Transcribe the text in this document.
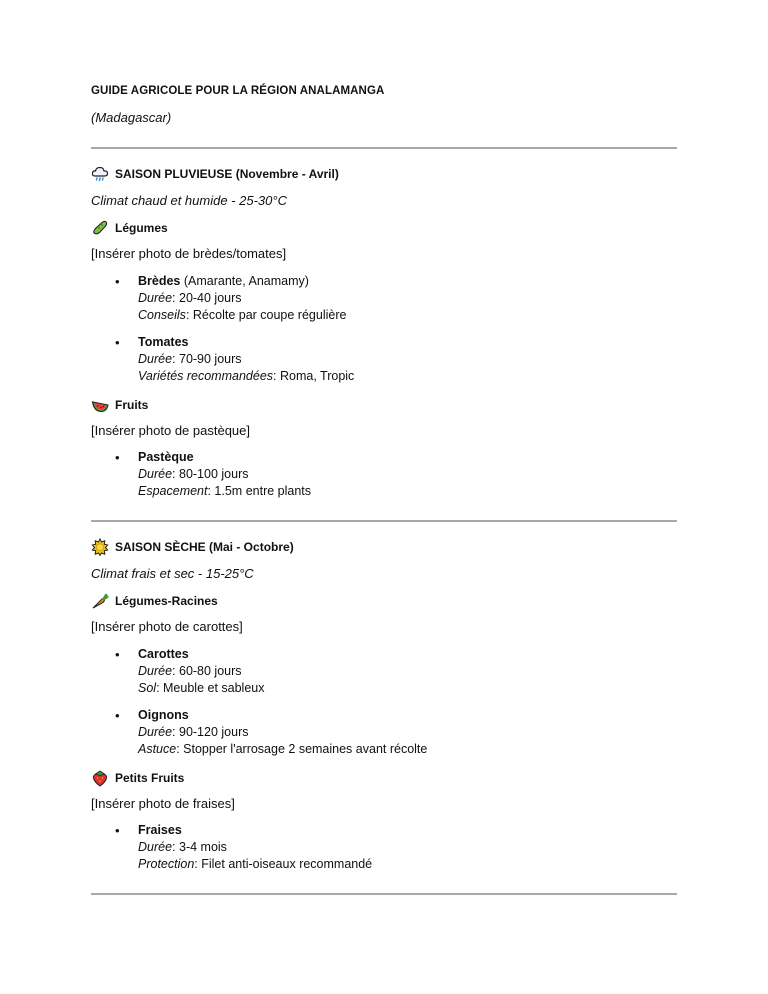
GUIDE AGRICOLE POUR LA RÉGION ANALAMANGA
(Madagascar)
SAISON PLUVIEUSE (Novembre - Avril)
Climat chaud et humide - 25-30°C
Légumes
[Insérer photo de brèdes/tomates]
• Brèdes (Amarante, Anamamy)
Durée: 20-40 jours
Conseils: Récolte par coupe régulière
• Tomates
Durée: 70-90 jours
Variétés recommandées: Roma, Tropic
Fruits
[Insérer photo de pastèque]
• Pastèque
Durée: 80-100 jours
Espacement: 1.5m entre plants
SAISON SÈCHE (Mai - Octobre)
Climat frais et sec - 15-25°C
Légumes-Racines
[Insérer photo de carottes]
• Carottes
Durée: 60-80 jours
Sol: Meuble et sableux
• Oignons
Durée: 90-120 jours
Astuce: Stopper l'arrosage 2 semaines avant récolte
Petits Fruits
[Insérer photo de fraises]
• Fraises
Durée: 3-4 mois
Protection: Filet anti-oiseaux recommandé
